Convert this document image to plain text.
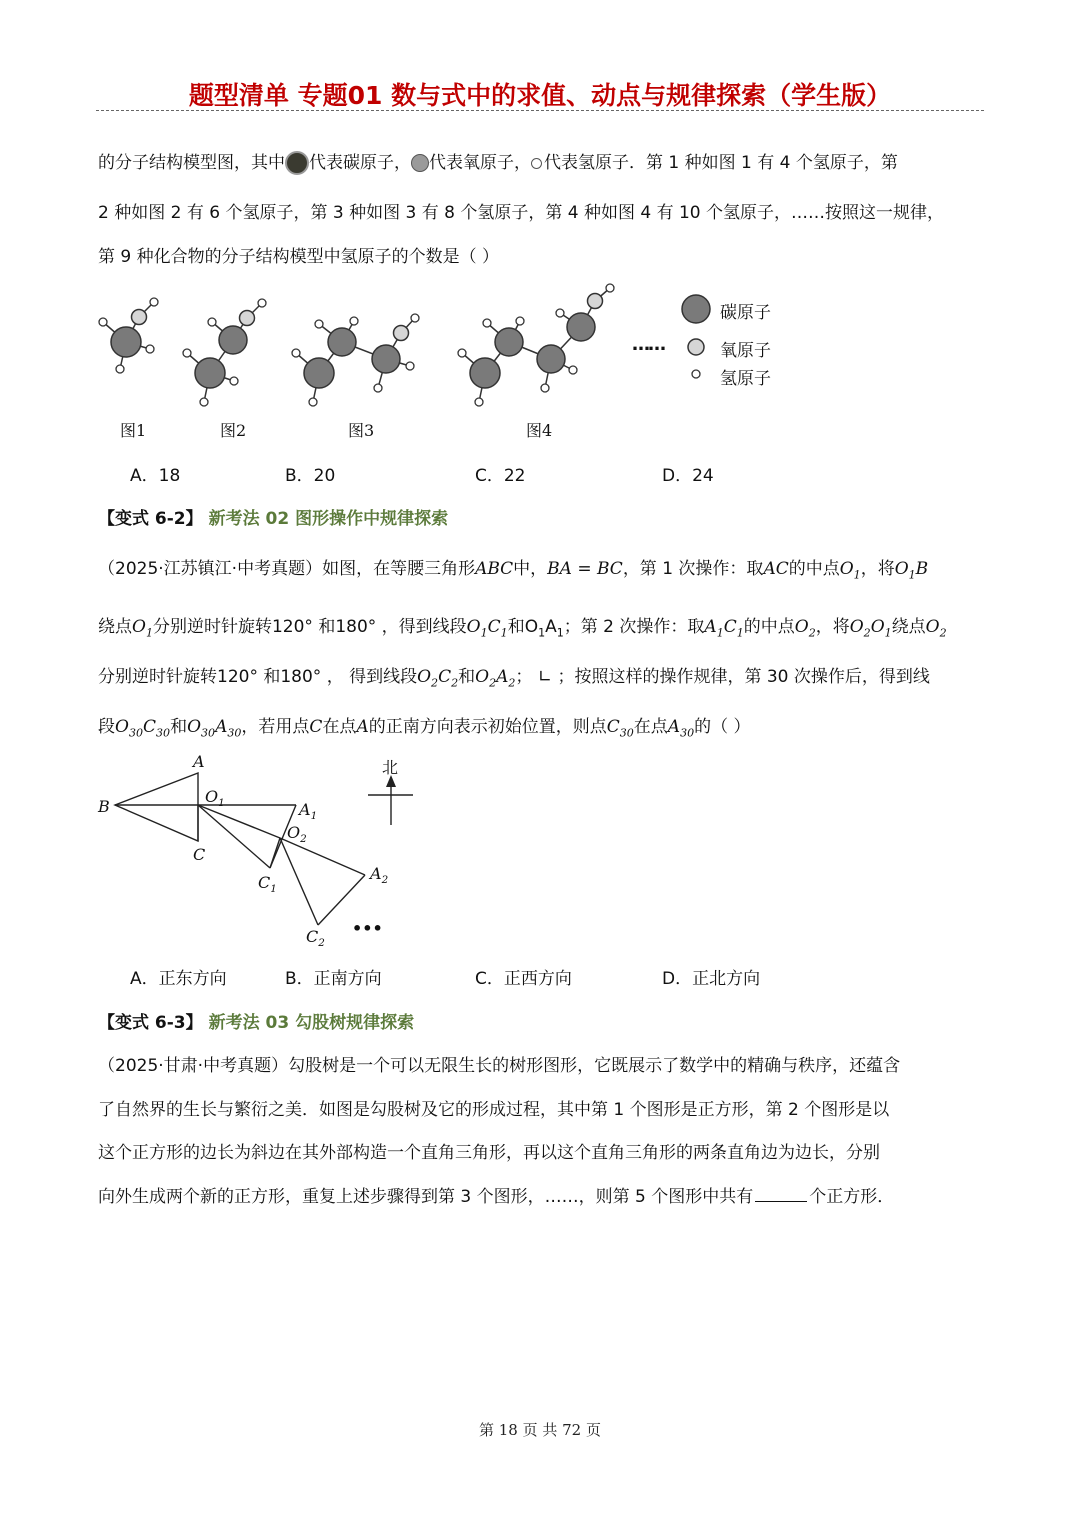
题型清单 专题01 数与式中的求值、动点与规律探索（学生版）
的分子结构模型图，其中 代表碳原子， 代表氧原子， 代表氢原子．第 1 种如图 1 有 4 个氢原子，第
2 种如图 2 有 6 个氢原子，第 3 种如图 3 有 8 个氢原子，第 4 种如图 4 有 10 个氢原子，……按照这一规律，
第 9 种化合物的分子结构模型中氢原子的个数是（ ）
……
碳原子
氧原子
氢原子
图1	图2	图3	图4
A．18	B．20	C．22	D．24
【变式 6-2】 新考法 02 图形操作中规律探索
（2025·江苏镇江·中考真题）如图，在等腰三角形ABC中，BA = BC，第 1 次操作：取AC的中点$O_1$，将$O_1B$
绕点$O_1$分别逆时针旋转120° 和180° ，得到线段$O_1C_1$和$O_1A_1$；第 2 次操作：取$A_1C_1$的中点$O_2$，将$O_2O_1$绕点$O_2$
分别逆时针旋转120° 和180° ， 得到线段$O_2C_2$和$O_2A_2$； ∟ ；按照这样的操作规律，第 30 次操作后，得到线
段$O_{30}C_{30}$和$O_{30}A_{30}$，若用点C在点A的正南方向表示初始位置，则点$C_{30}$在点$A_{30}$的（ ）
A
B
C
$O_1$	$A_1$
$O_2$
$C_1$
$A_2$
$C_2$
•••
北
A．正东方向	B．正南方向	C．正西方向	D．正北方向
【变式 6-3】 新考法 03 勾股树规律探索
（2025·甘肃·中考真题）勾股树是一个可以无限生长的树形图形，它既展示了数学中的精确与秩序，还蕴含
了自然界的生长与繁衍之美．如图是勾股树及它的形成过程，其中第 1 个图形是正方形，第 2 个图形是以
这个正方形的边长为斜边在其外部构造一个直角三角形，再以这个直角三角形的两条直角边为边长，分别
向外生成两个新的正方形，重复上述步骤得到第 3 个图形，……，则第 5 个图形中共有	个正方形．
第 18 页 共 72 页
